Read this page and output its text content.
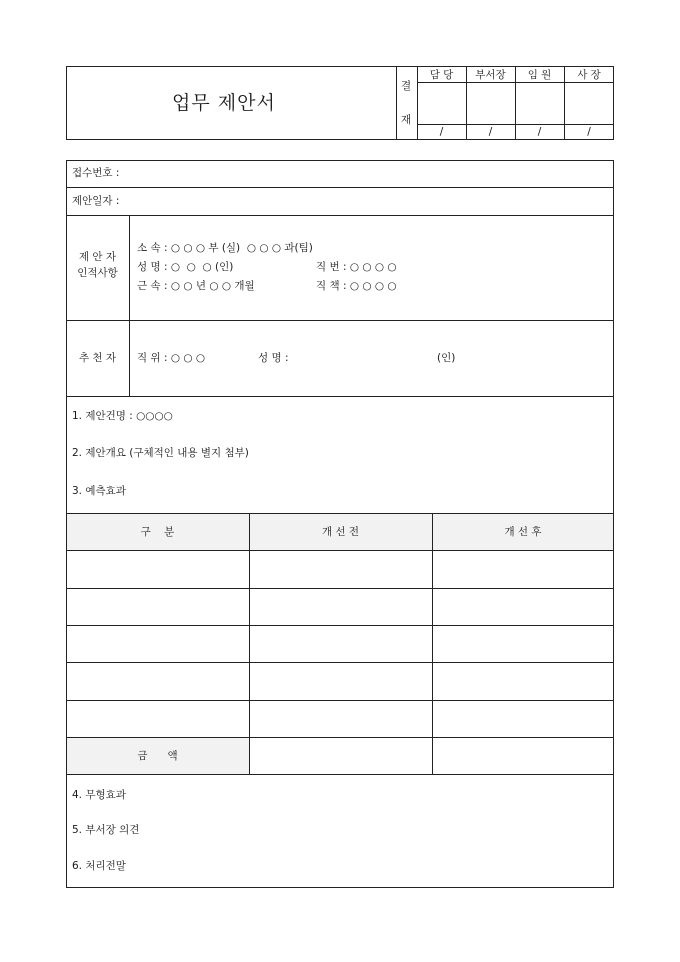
업무 제안서
결
재
담 당	부서장	임 원	사 장
/	/	/	/
접수번호 :
제안일자 :
제 안 자
인적사항
소 속 : ○ ○ ○ 부 (실)  ○ ○ ○ 과(팀)
성 명 : ○  ○  ○ (인)	직 번 : ○ ○ ○ ○
근 속 : ○ ○ 년 ○ ○ 개월	직 책 : ○ ○ ○ ○
추 천 자	직 위 : ○ ○ ○	성 명 :	(인)
1. 제안건명 : ○○○○
2. 제안개요 (구체적인 내용 별지 첨부)
3. 예측효과
구    분	개 선 전	개 선 후
금      액
4. 무형효과
5. 부서장 의견
6. 처리전말
